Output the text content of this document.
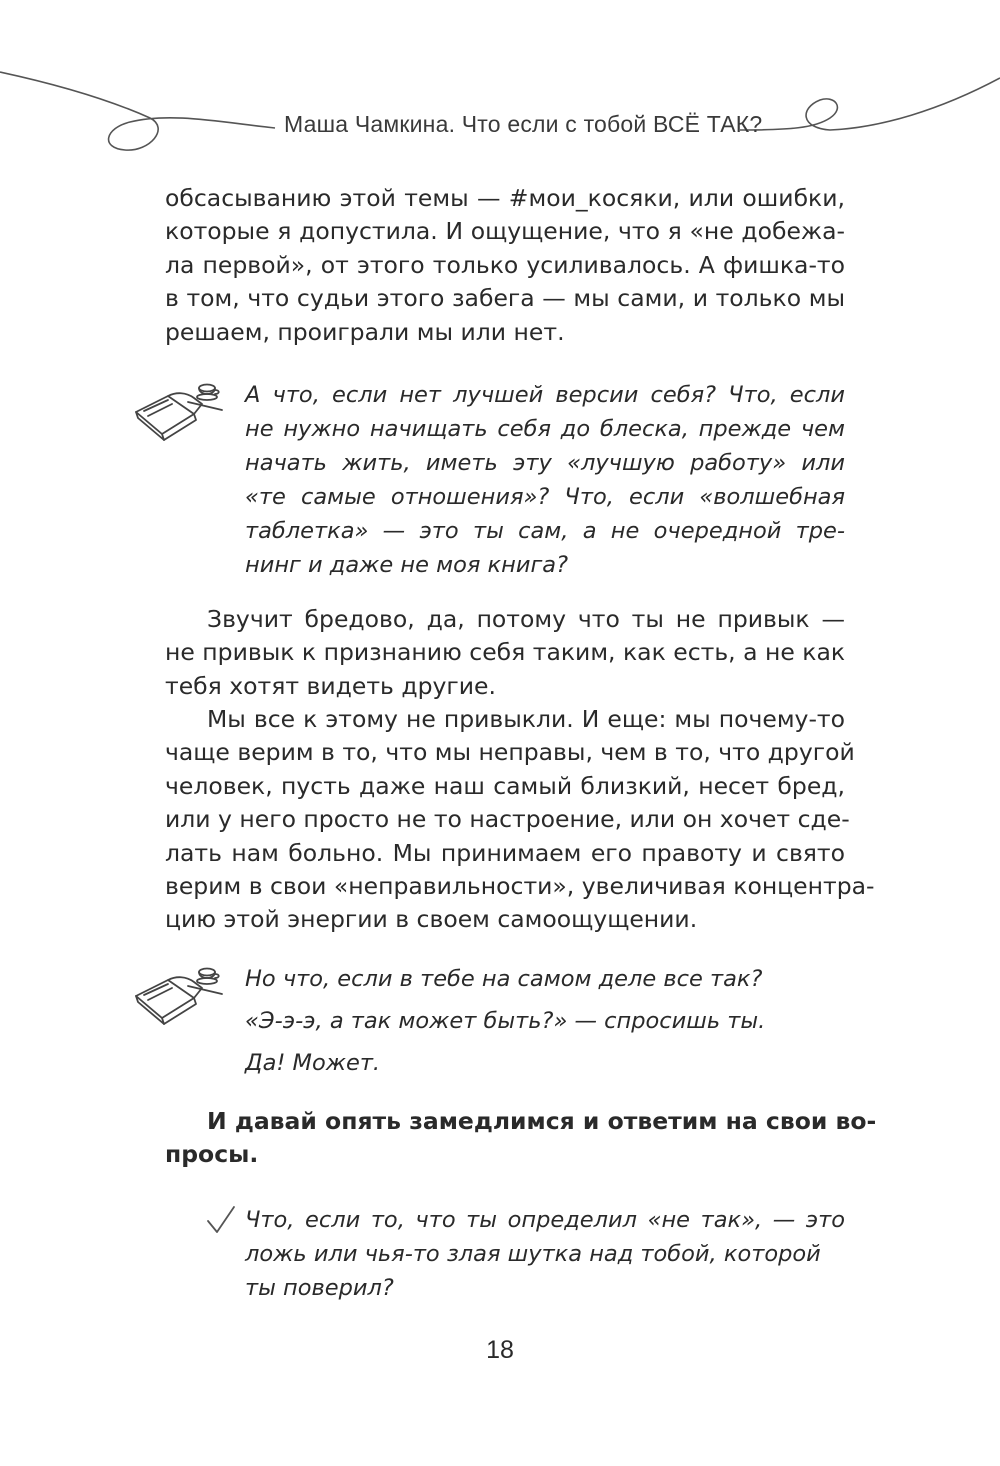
Маша Чамкина. Что если с тобой ВСЁ ТАК?

обсасыванию этой темы — #мои_косяки, или ошибки,
которые я допустила. И ощущение, что я «не добежа-
ла первой», от этого только усиливалось. А фишка-то
в том, что судьи этого забега — мы сами, и только мы
решаем, проиграли мы или нет.

А что, если нет лучшей версии себя? Что, если
не нужно начищать себя до блеска, прежде чем
начать жить, иметь эту «лучшую работу» или
«те самые отношения»? Что, если «волшебная
таблетка» — это ты сам, а не очередной тре-
нинг и даже не моя книга?

Звучит бредово, да, потому что ты не привык —
не привык к признанию себя таким, как есть, а не как
тебя хотят видеть другие.

Мы все к этому не привыкли. И еще: мы почему-то
чаще верим в то, что мы неправы, чем в то, что другой
человек, пусть даже наш самый близкий, несет бред,
или у него просто не то настроение, или он хочет сде-
лать нам больно. Мы принимаем его правоту и свято
верим в свои «неправильности», увеличивая концентра-
цию этой энергии в своем самоощущении.

Но что, если в тебе на самом деле все так?
«Э-э-э, а так может быть?» — спросишь ты.
Да! Может.

И давай опять замедлимся и ответим на свои во-
просы.

Что, если то, что ты определил «не так», — это
ложь или чья-то злая шутка над тобой, которой
ты поверил?

18
